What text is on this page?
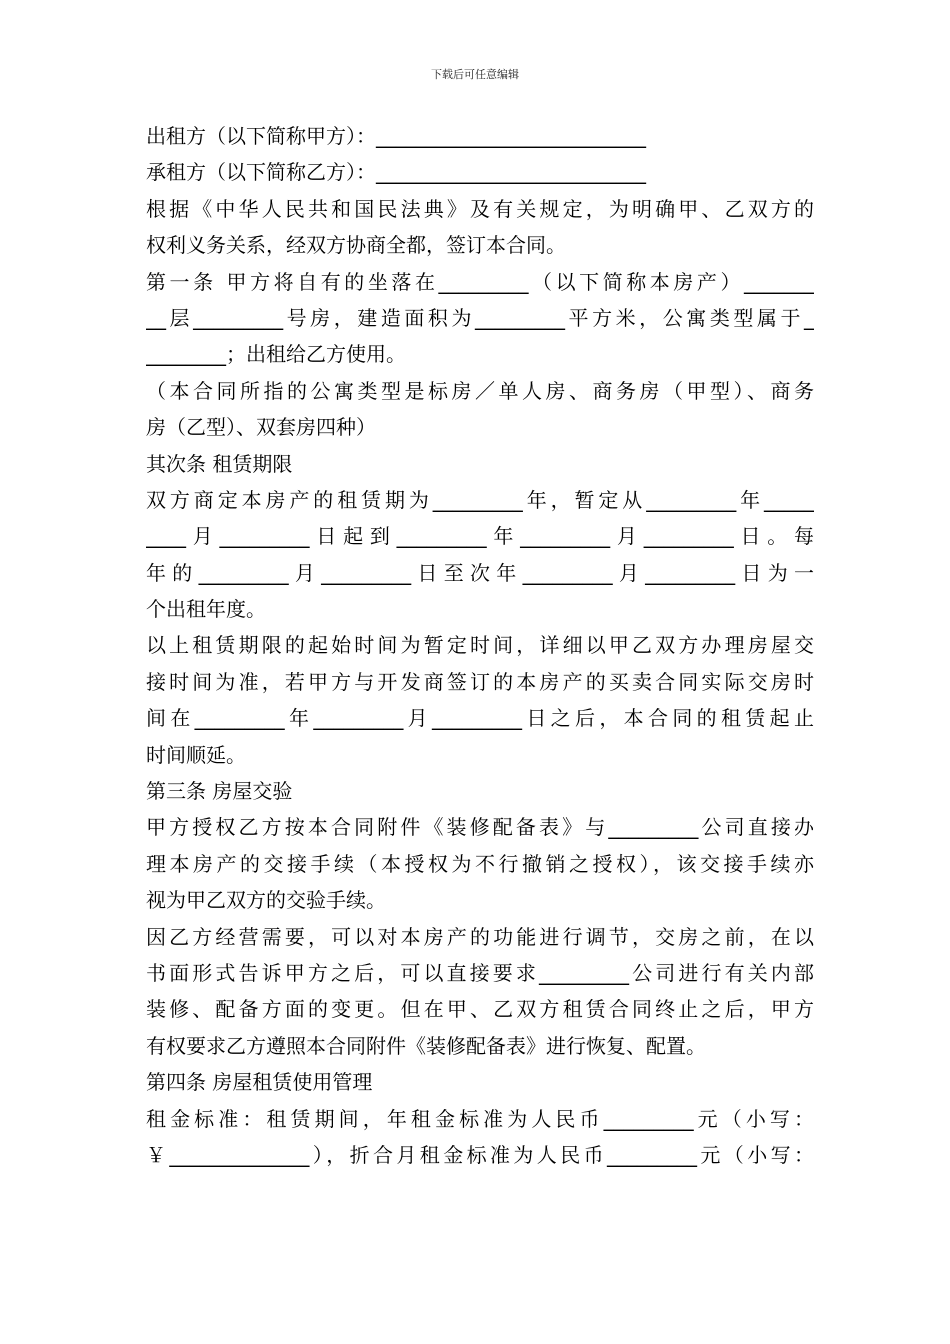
下载后可任意编辑
出租方（以下简称甲方）：___________________________
承租方（以下简称乙方）：___________________________
根据《中华人民共和国民法典》及有关规定，为明确甲、乙双方的
权利义务关系，经双方协商全都，签订本合同。
第一条 甲方将自有的坐落在_________（以下简称本房产）_______
__层_________号房，建造面积为_________平方米，公寓类型属于_
________；出租给乙方使用。
（本合同所指的公寓类型是标房／单人房、商务房（甲型）、商务
房（乙型）、双套房四种）
其次条 租赁期限
双方商定本房产的租赁期为_________年，暂定从_________年_____
____月_________日起到_________年_________月_________日。每
年的_________月_________日至次年_________月_________日为一
个出租年度。
以上租赁期限的起始时间为暂定时间，详细以甲乙双方办理房屋交
接时间为准，若甲方与开发商签订的本房产的买卖合同实际交房时
间在_________年_________月_________日之后，本合同的租赁起止
时间顺延。
第三条 房屋交验
甲方授权乙方按本合同附件《装修配备表》与_________公司直接办
理本房产的交接手续（本授权为不行撤销之授权），该交接手续亦
视为甲乙双方的交验手续。
因乙方经营需要，可以对本房产的功能进行调节，交房之前，在以
书面形式告诉甲方之后，可以直接要求_________公司进行有关内部
装修、配备方面的变更。但在甲、乙双方租赁合同终止之后，甲方
有权要求乙方遵照本合同附件《装修配备表》进行恢复、配置。
第四条 房屋租赁使用管理
租金标准：租赁期间，年租金标准为人民币_________元（小写：
￥______________），折合月租金标准为人民币_________元（小写：
